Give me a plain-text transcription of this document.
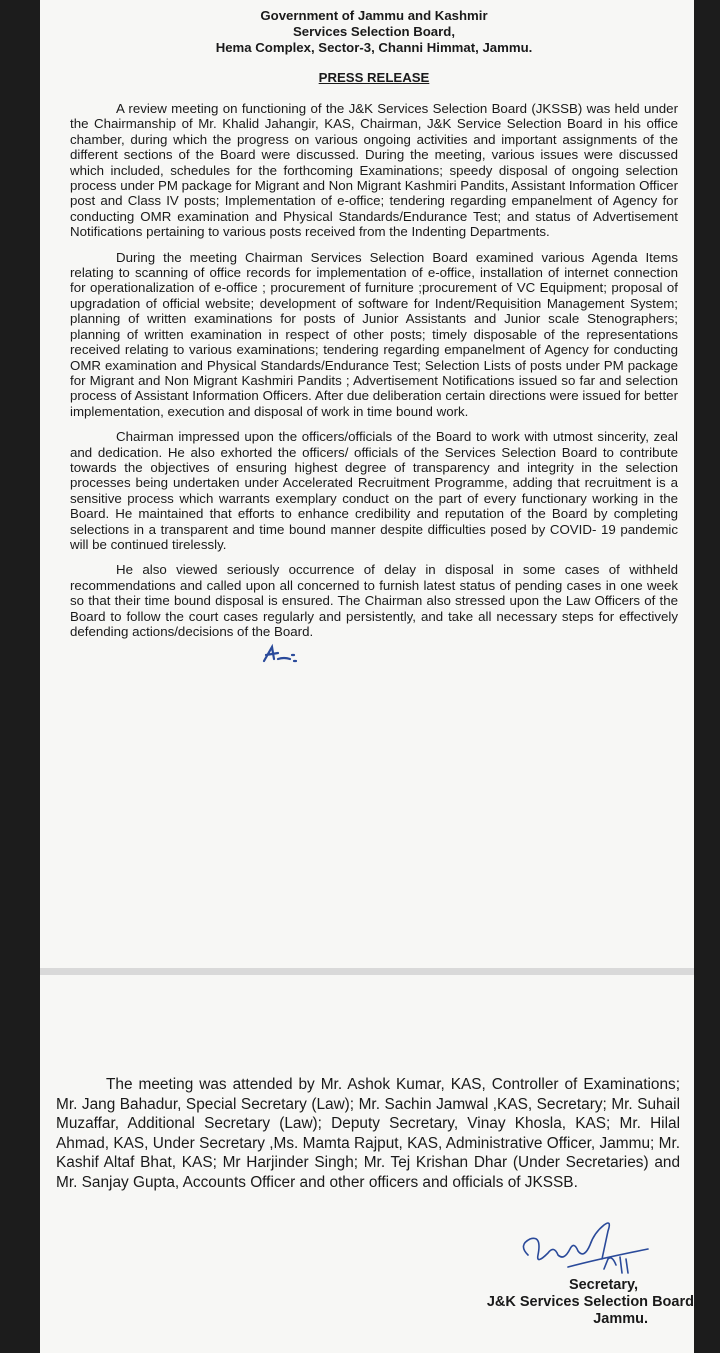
Government of Jammu and Kashmir

Services Selection Board,

Hema Complex, Sector-3, Channi Himmat, Jammu.

PRESS RELEASE

A review meeting on functioning of the J&K Services Selection Board (JKSSB) was held under the Chairmanship of Mr. Khalid Jahangir, KAS, Chairman, J&K Service Selection Board in his office chamber, during which the progress on various ongoing activities and important assignments of the different sections of the Board were discussed. During the meeting, various issues were discussed which included, schedules for the forthcoming Examinations; speedy disposal of ongoing selection process under PM package for Migrant and Non Migrant Kashmiri Pandits, Assistant Information Officer post and Class IV posts; Implementation of e-office; tendering regarding empanelment of Agency for conducting OMR examination and Physical Standards/Endurance Test; and status of Advertisement Notifications pertaining to various posts received from the Indenting Departments.

During the meeting Chairman Services Selection Board examined various Agenda Items relating to scanning of office records for implementation of e-office, installation of internet connection for operationalization of e-office ; procurement of furniture ;procurement of VC Equipment; proposal of upgradation of official website; development of software for Indent/Requisition Management System; planning of written examinations for posts of Junior Assistants and Junior scale Stenographers; planning of written examination in respect of other posts; timely disposable of the representations received relating to various examinations; tendering regarding empanelment of Agency for conducting OMR examination and Physical Standards/Endurance Test; Selection Lists of posts under PM package for Migrant and Non Migrant Kashmiri Pandits ; Advertisement Notifications issued so far and selection process of Assistant Information Officers. After due deliberation certain directions were issued for better implementation, execution and disposal of work in time bound work.

Chairman impressed upon the officers/officials of the Board to work with utmost sincerity, zeal and dedication. He also exhorted the officers/ officials of the Services Selection Board to contribute towards the objectives of ensuring highest degree of transparency and integrity in the selection processes being undertaken under Accelerated Recruitment Programme, adding that recruitment is a sensitive process which warrants exemplary conduct on the part of every functionary working in the Board. He maintained that efforts to enhance credibility and reputation of the Board by completing selections in a transparent and time bound manner despite difficulties posed by COVID- 19 pandemic will be continued tirelessly.

He also viewed seriously occurrence of delay in disposal in some cases of withheld recommendations and called upon all concerned to furnish latest status of pending cases in one week so that their time bound disposal is ensured. The Chairman also stressed upon the Law Officers of the Board to follow the court cases regularly and persistently, and take all necessary steps for effectively defending actions/decisions of the Board.

The meeting was attended by Mr. Ashok Kumar, KAS, Controller of Examinations; Mr. Jang Bahadur, Special Secretary (Law); Mr. Sachin Jamwal ,KAS, Secretary; Mr. Suhail Muzaffar, Additional Secretary (Law); Deputy Secretary, Vinay Khosla, KAS; Mr. Hilal Ahmad, KAS, Under Secretary ,Ms. Mamta Rajput, KAS, Administrative Officer, Jammu; Mr. Kashif Altaf Bhat, KAS; Mr Harjinder Singh; Mr. Tej Krishan Dhar (Under Secretaries) and Mr. Sanjay Gupta, Accounts Officer and other officers and officials of JKSSB.

Secretary,

J&K Services Selection Board,

Jammu.
